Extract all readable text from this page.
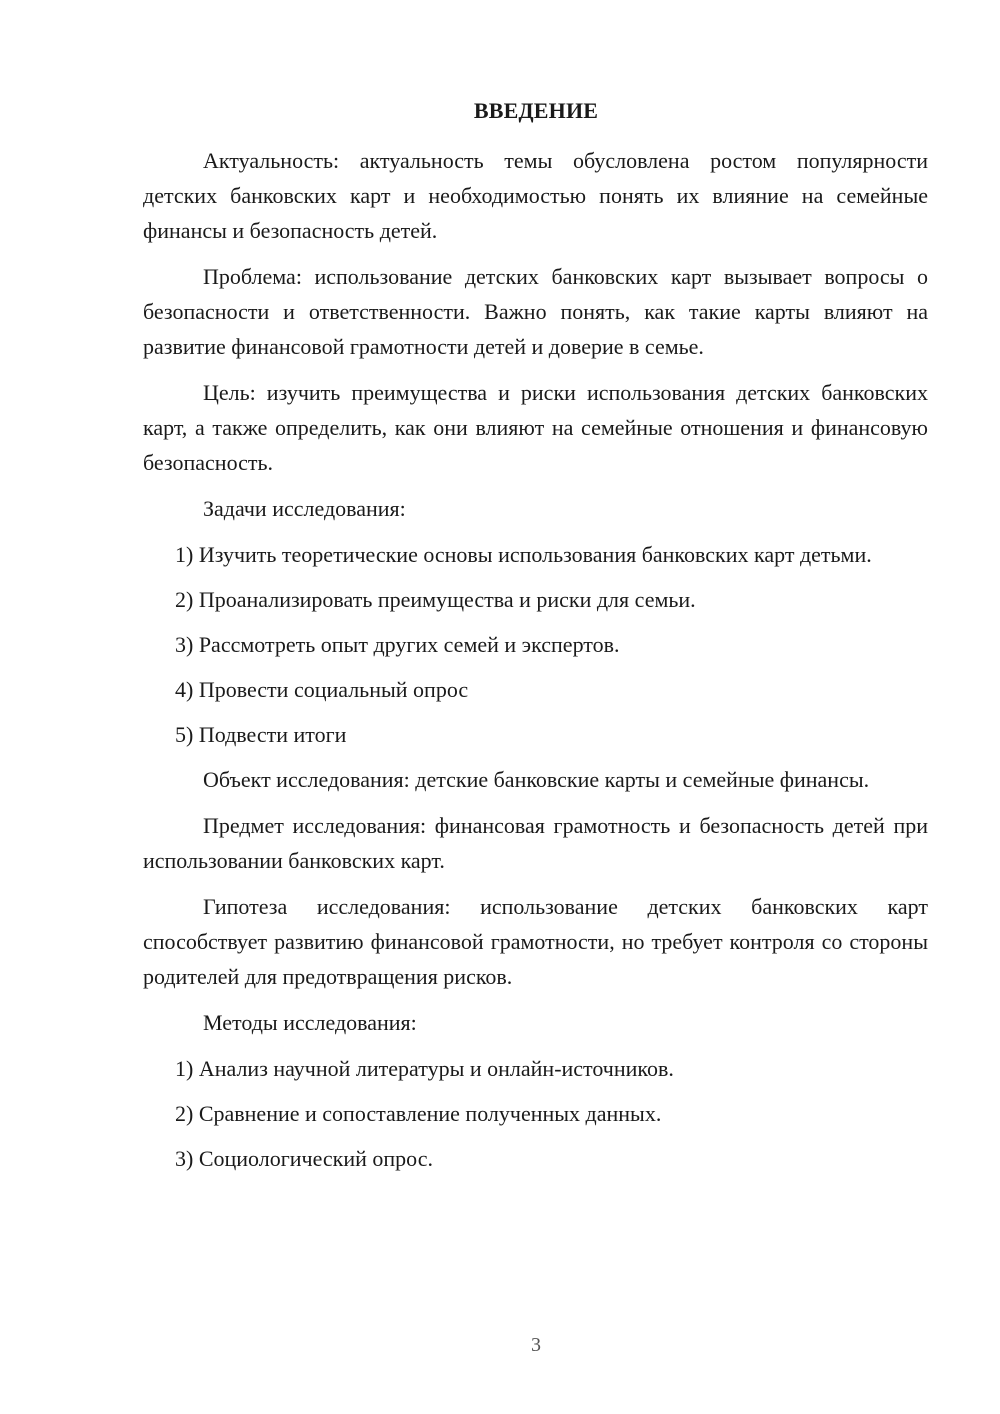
ВВЕДЕНИЕ

Актуальность: актуальность темы обусловлена ростом популярности детских банковских карт и необходимостью понять их влияние на семейные финансы и безопасность детей.

Проблема: использование детских банковских карт вызывает вопросы о безопасности и ответственности. Важно понять, как такие карты влияют на развитие финансовой грамотности детей и доверие в семье.

Цель: изучить преимущества и риски использования детских банковских карт, а также определить, как они влияют на семейные отношения и финансовую безопасность.

Задачи исследования:

1) Изучить теоретические основы использования банковских карт детьми.

2) Проанализировать преимущества и риски для семьи.

3) Рассмотреть опыт других семей и экспертов.

4) Провести социальный опрос

5) Подвести итоги

Объект исследования: детские банковские карты и семейные финансы.

Предмет исследования: финансовая грамотность и безопасность детей при использовании банковских карт.

Гипотеза исследования: использование детских банковских карт способствует развитию финансовой грамотности, но требует контроля со стороны родителей для предотвращения рисков.

Методы исследования:

1) Анализ научной литературы и онлайн-источников.

2) Сравнение и сопоставление полученных данных.

3) Социологический опрос.

3
